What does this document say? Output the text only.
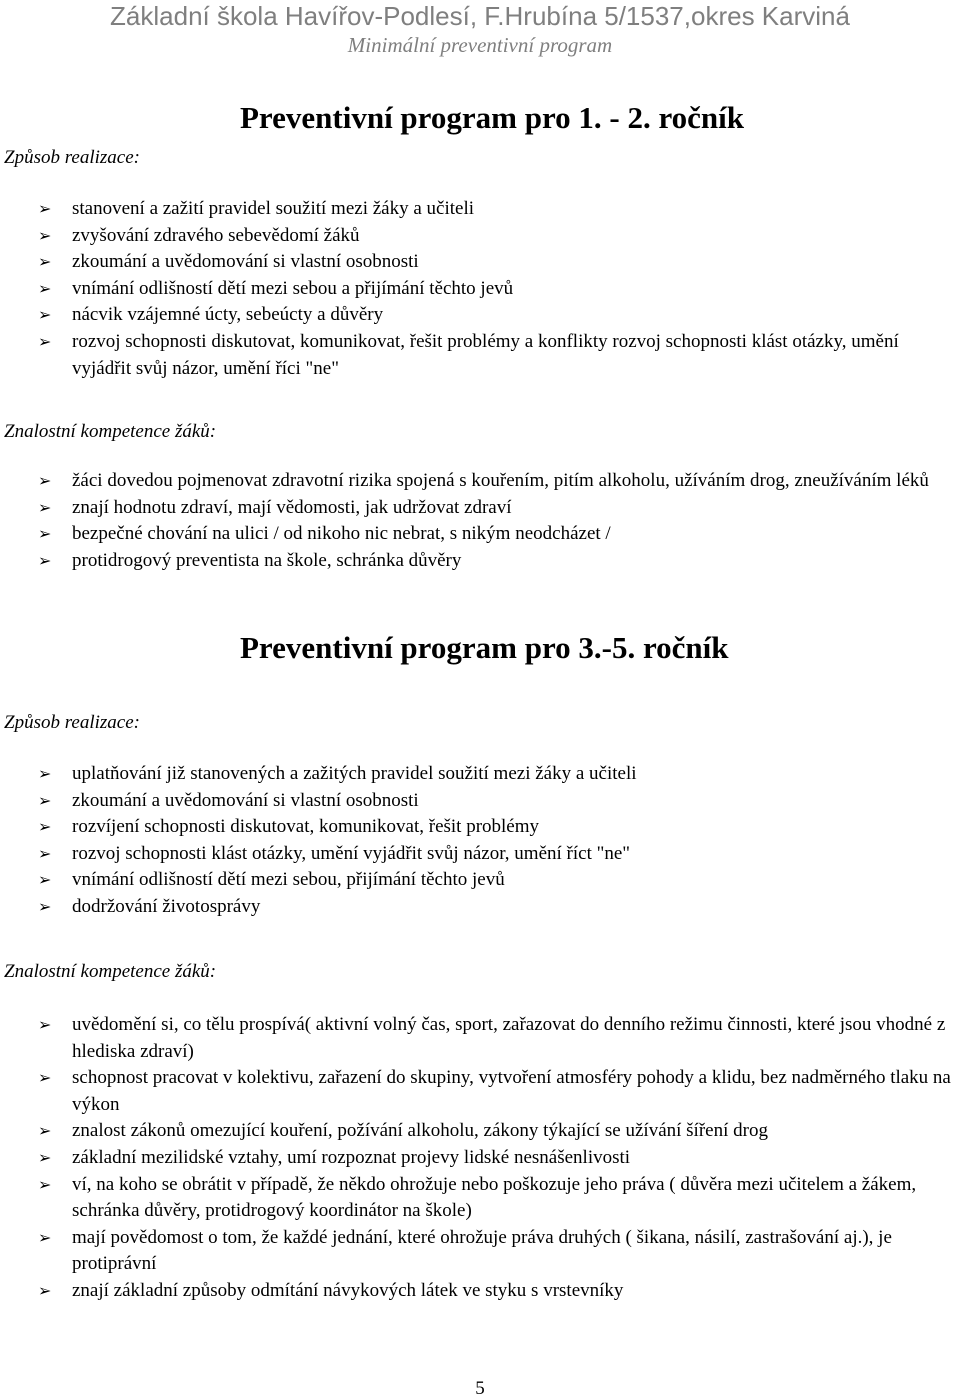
Základní škola Havířov-Podlesí, F.Hrubína 5/1537,okres Karviná
Minimální preventivní program
Způsob realizace:
Preventivní program pro 1. - 2. ročník
➢ stanovení a zažití pravidel soužití mezi žáky a učiteli
➢ zvyšování zdravého sebevědomí žáků
➢ zkoumání a uvědomování si vlastní osobnosti
➢ vnímání odlišností dětí mezi sebou a přijímání těchto jevů
➢ nácvik vzájemné úcty, sebeúcty a důvěry
➢ rozvoj schopnosti diskutovat, komunikovat, řešit problémy a konflikty rozvoj schopnosti klást otázky, umění vyjádřit svůj názor, umění říci "ne"
Znalostní kompetence žáků:
➢ žáci dovedou pojmenovat zdravotní rizika spojená s kouřením, pitím alkoholu, užíváním drog, zneužíváním léků
➢ znají hodnotu zdraví, mají vědomosti, jak udržovat zdraví
➢ bezpečné chování na ulici / od nikoho nic nebrat, s nikým neodcházet /
➢ protidrogový preventista na škole, schránka důvěry
Preventivní program pro 3.-5. ročník
Způsob realizace:
➢ uplatňování již stanovených a zažitých pravidel soužití mezi žáky a učiteli
➢ zkoumání a uvědomování si vlastní osobnosti
➢ rozvíjení schopnosti diskutovat, komunikovat, řešit problémy
➢ rozvoj schopnosti klást otázky, umění vyjádřit svůj názor, umění říct "ne"
➢ vnímání odlišností dětí mezi sebou, přijímání těchto jevů
➢ dodržování životosprávy
Znalostní kompetence žáků:
➢ uvědomění si, co tělu prospívá( aktivní volný čas, sport, zařazovat do denního režimu činnosti, které jsou vhodné z hlediska zdraví)
➢ schopnost pracovat v kolektivu, zařazení do skupiny, vytvoření atmosféry pohody a klidu, bez nadměrného tlaku na výkon
➢ znalost zákonů omezující kouření, požívání alkoholu, zákony týkající se užívání šíření drog
➢ základní mezilidské vztahy, umí rozpoznat projevy lidské nesnášenlivosti
➢ ví, na koho se obrátit v případě, že někdo ohrožuje nebo poškozuje jeho práva ( důvěra mezi učitelem a žákem, schránka důvěry, protidrogový koordinátor na škole)
➢ mají povědomost o tom, že každé jednání, které ohrožuje práva druhých ( šikana, násilí, zastrašování aj.), je protiprávní
➢ znají základní způsoby odmítání návykových látek ve styku s vrstevníky
5
